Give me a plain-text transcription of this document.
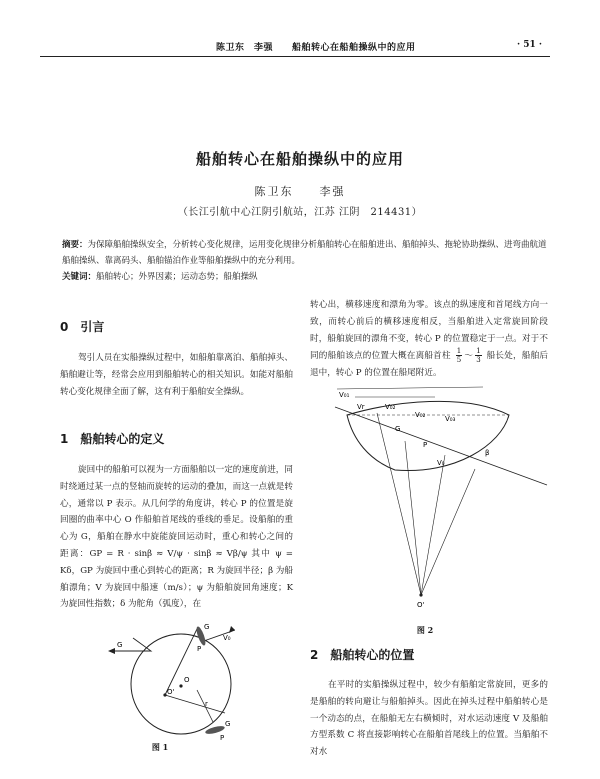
陈卫东　李强　　船舶转心在船舶操纵中的应用	· 51 ·
船舶转心在船舶操纵中的应用
陈卫东　　李强
（长江引航中心江阴引航站，江苏 江阴　214431）
摘要：为保障船舶操纵安全，分析转心变化规律，运用变化规律分析船舶转心在船舶进出、船舶掉头、拖轮协助操纵、进弯曲航道船舶操纵、靠离码头、船舶锚泊作业等船舶操纵中的充分利用。
关键词：船舶转心；外界因素；运动态势；船舶操纵
0 引言
驾引人员在实船操纵过程中，如船舶靠离泊、船舶掉头、船舶避让等，经常会应用到船舶转心的相关知识。如能对船舶转心变化规律全面了解，这有利于船舶安全操纵。
1 船舶转心的定义
旋回中的船舶可以视为一方面船舶以一定的速度前进，同时绕通过某一点的竖轴而旋转的运动的叠加，而这一点就是转心，通常以 P 表示。从几何学的角度讲，转心 P 的位置是旋回圈的曲率中心 O 作船舶首尾线的垂线的垂足。设船舶的重心为 G，船舶在静水中旋能旋回运动时，重心和转心之间的距离：GP = R · sinβ ≈ V/ψ · sinβ ≈ Vβ/ψ 其中 ψ = Kδ，GP 为旋回中重心到转心的距离；R 为旋回半径；β 为船舶漂角；V 为旋回中船速（m/s）；ψ 为船舶旋回角速度；K 为旋回性指数；δ 为舵角（弧度），在
G
P
V₀
G
O
O'
r
G
P
图 1
转心出，横移速度和漂角为零。该点的纵速度和首尾线方向一致，而转心前后的横移速度相反，当船舶进入定常旋回阶段时，船舶旋回的漂角不变，转心 P 的位置稳定于一点。对于不同的船舶该点的位置大概在离船首柱 $\frac{1}{5}$ ～ $\frac{1}{3}$ 船长处，船舶后退中，转心 P 的位置在船尾附近。
V₀₁
Vr	V₀₂
V₀₂	V₀₃
G
P
V₀
β
O'
图 2
2 船舶转心的位置
在平时的实船操纵过程中，较少有船舶定常旋回，更多的是船舶的转向避让与船舶掉头。因此在掉头过程中船舶转心是一个动态的点，在船舶无左右横倾时，对水运动速度 V 及船舶方型系数 C 将直接影响转心在船舶首尾线上的位置。当船舶不对水
